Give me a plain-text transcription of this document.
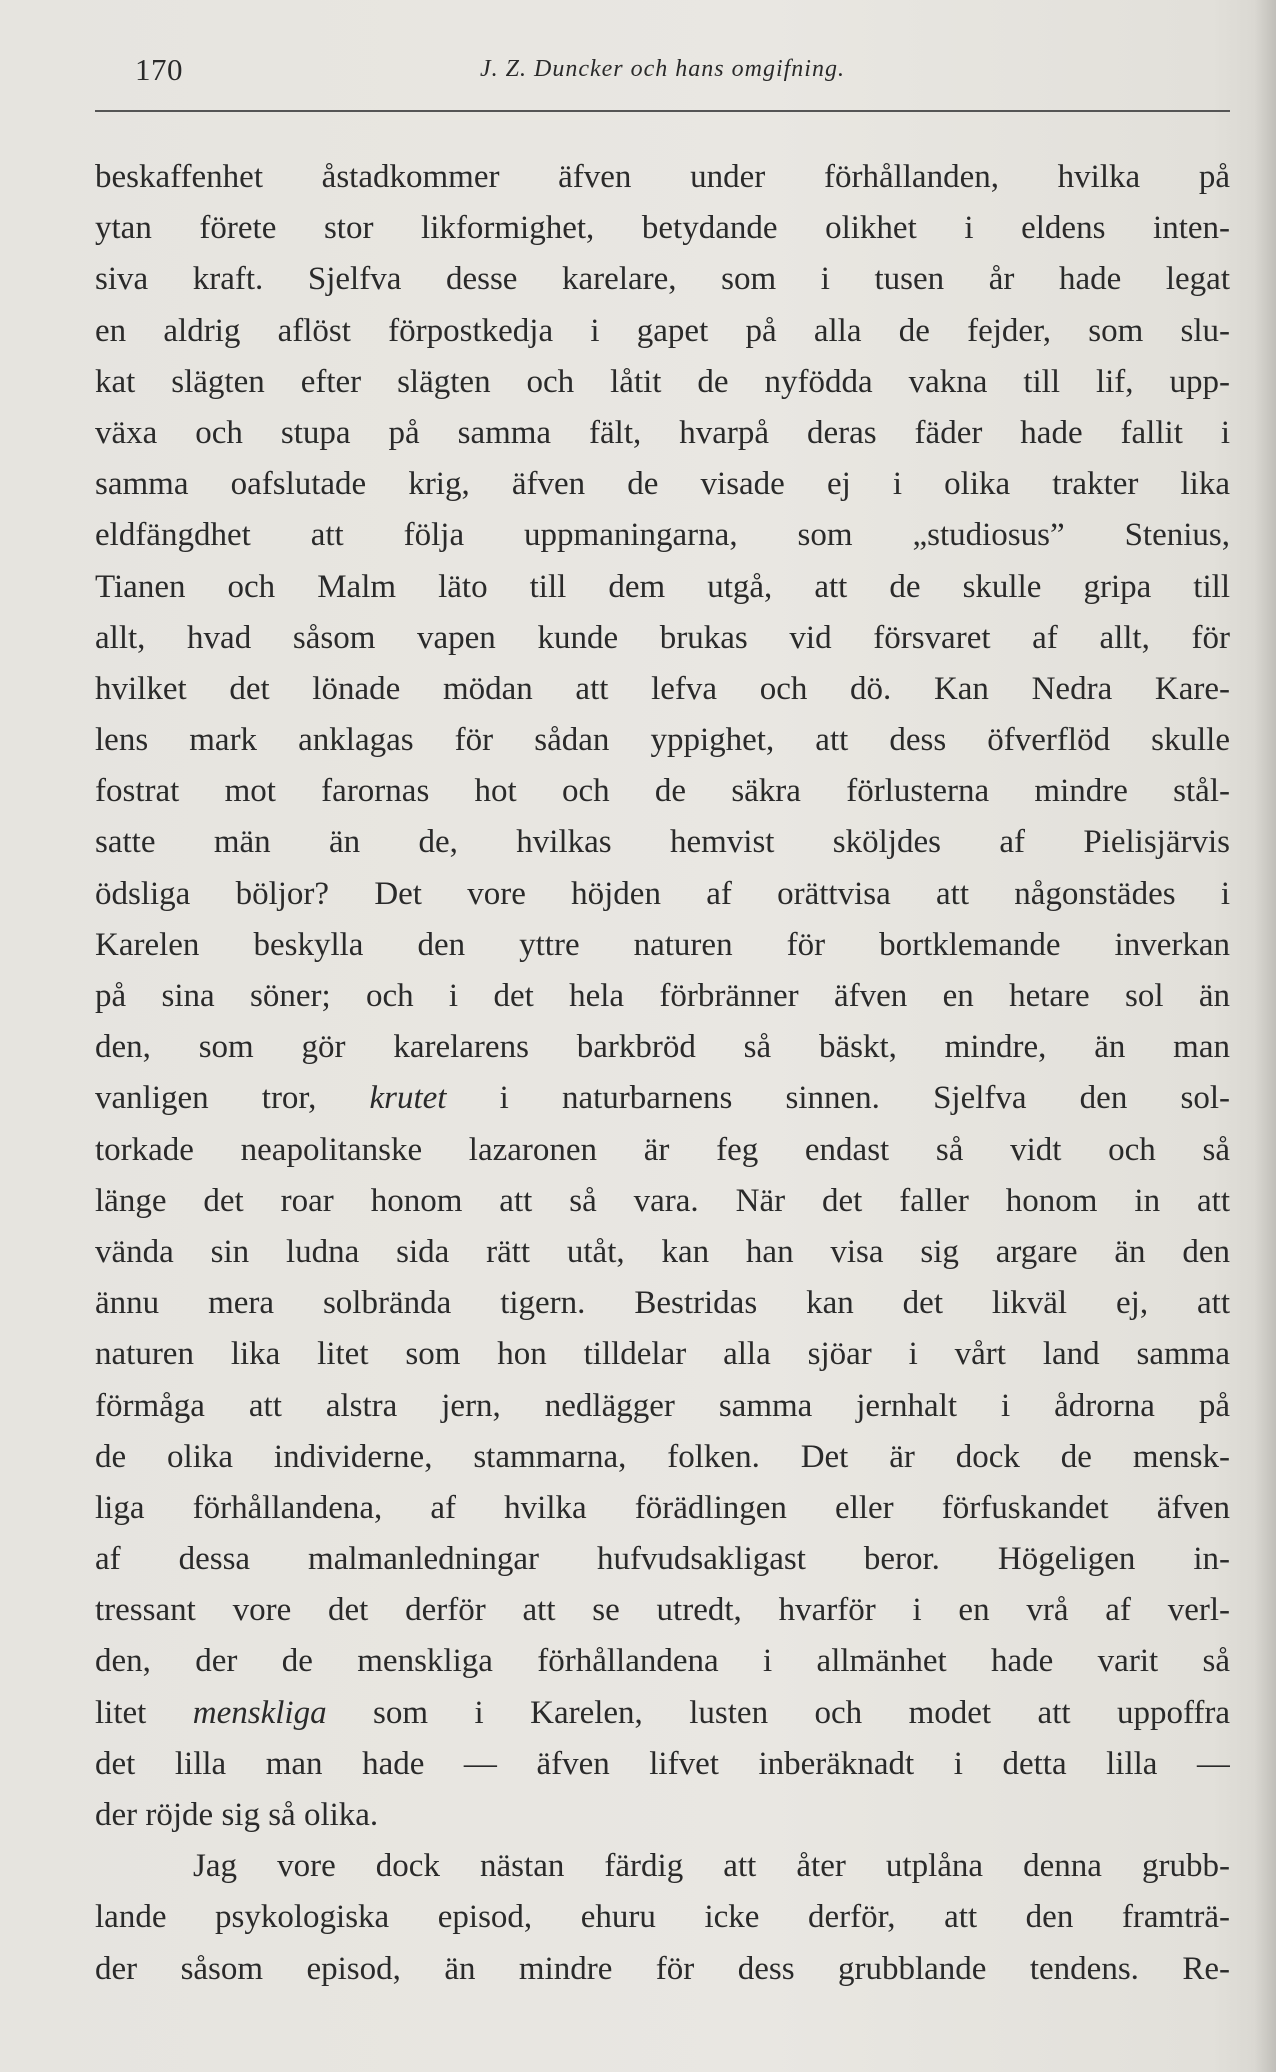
170	J. Z. Duncker och hans omgifning.
beskaffenhet åstadkommer äfven under förhållanden, hvilka på
ytan förete stor likformighet, betydande olikhet i eldens inten-
siva kraft. Sjelfva desse karelare, som i tusen år hade legat
en aldrig aflöst förpostkedja i gapet på alla de fejder, som slu-
kat slägten efter slägten och låtit de nyfödda vakna till lif, upp-
växa och stupa på samma fält, hvarpå deras fäder hade fallit i
samma oafslutade krig, äfven de visade ej i olika trakter lika
eldfängdhet att följa uppmaningarna, som „studiosus” Stenius,
Tianen och Malm läto till dem utgå, att de skulle gripa till
allt, hvad såsom vapen kunde brukas vid försvaret af allt, för
hvilket det lönade mödan att lefva och dö. Kan Nedra Kare-
lens mark anklagas för sådan yppighet, att dess öfverflöd skulle
fostrat mot farornas hot och de säkra förlusterna mindre stål-
satte män än de, hvilkas hemvist sköljdes af Pielisjärvis
ödsliga böljor? Det vore höjden af orättvisa att någonstädes i
Karelen beskylla den yttre naturen för bortklemande inverkan
på sina söner; och i det hela förbränner äfven en hetare sol än
den, som gör karelarens barkbröd så bäskt, mindre, än man
vanligen tror, krutet i naturbarnens sinnen. Sjelfva den sol-
torkade neapolitanske lazaronen är feg endast så vidt och så
länge det roar honom att så vara. När det faller honom in att
vända sin ludna sida rätt utåt, kan han visa sig argare än den
ännu mera solbrända tigern. Bestridas kan det likväl ej, att
naturen lika litet som hon tilldelar alla sjöar i vårt land samma
förmåga att alstra jern, nedlägger samma jernhalt i ådrorna på
de olika individerne, stammarna, folken. Det är dock de mensk-
liga förhållandena, af hvilka förädlingen eller förfuskandet äfven
af dessa malmanledningar hufvudsakligast beror. Högeligen in-
tressant vore det derför att se utredt, hvarför i en vrå af verl-
den, der de menskliga förhållandena i allmänhet hade varit så
litet menskliga som i Karelen, lusten och modet att uppoffra
det lilla man hade — äfven lifvet inberäknadt i detta lilla —
der röjde sig så olika.
Jag vore dock nästan färdig att åter utplåna denna grubb-
lande psykologiska episod, ehuru icke derför, att den framträ-
der såsom episod, än mindre för dess grubblande tendens. Re-
